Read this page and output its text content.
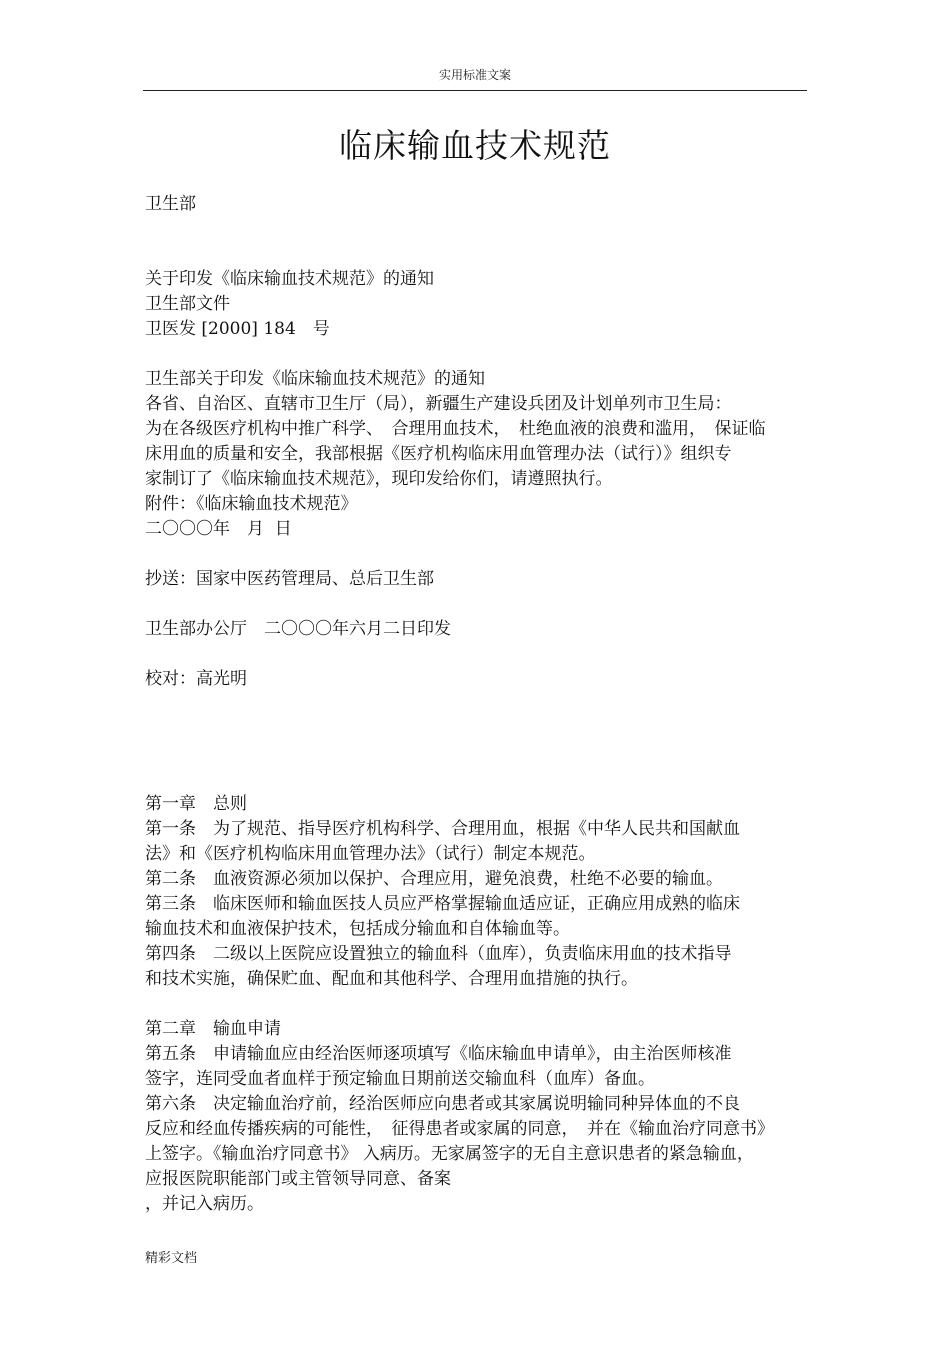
实用标准文案
临床输血技术规范
卫生部
关于印发《临床输血技术规范》的通知
卫生部文件
卫医发 [2000] 184　号
卫生部关于印发《临床输血技术规范》的通知
各省、自治区、直辖市卫生厅（局），新疆生产建设兵团及计划单列市卫生局：
为在各级医疗机构中推广科学、　合理用血技术，　杜绝血液的浪费和滥用，　保证临
床用血的质量和安全，我部根据《医疗机构临床用血管理办法（试行）》组织专
家制订了《临床输血技术规范》，现印发给你们，请遵照执行。
附件：《临床输血技术规范》
二〇〇〇年　月  日
抄送：国家中医药管理局、总后卫生部
卫生部办公厅　二〇〇〇年六月二日印发
校对：高光明
第一章　总则
第一条　为了规范、指导医疗机构科学、合理用血，根据《中华人民共和国献血
法》和《医疗机构临床用血管理办法》（试行）制定本规范。
第二条　血液资源必须加以保护、合理应用，避免浪费，杜绝不必要的输血。
第三条　临床医师和输血医技人员应严格掌握输血适应证，正确应用成熟的临床
输血技术和血液保护技术，包括成分输血和自体输血等。
第四条　二级以上医院应设置独立的输血科（血库），负责临床用血的技术指导
和技术实施，确保贮血、配血和其他科学、合理用血措施的执行。
第二章　输血申请
第五条　申请输血应由经治医师逐项填写《临床输血申请单》，由主治医师核准
签字，连同受血者血样于预定输血日期前送交输血科（血库）备血。
第六条　决定输血治疗前，经治医师应向患者或其家属说明输同种异体血的不良
反应和经血传播疾病的可能性，　征得患者或家属的同意，　并在《输血治疗同意书》
上签字。《输血治疗同意书》 入病历。无家属签字的无自主意识患者的紧急输血，
应报医院职能部门或主管领导同意、备案
，并记入病历。
精彩文档
